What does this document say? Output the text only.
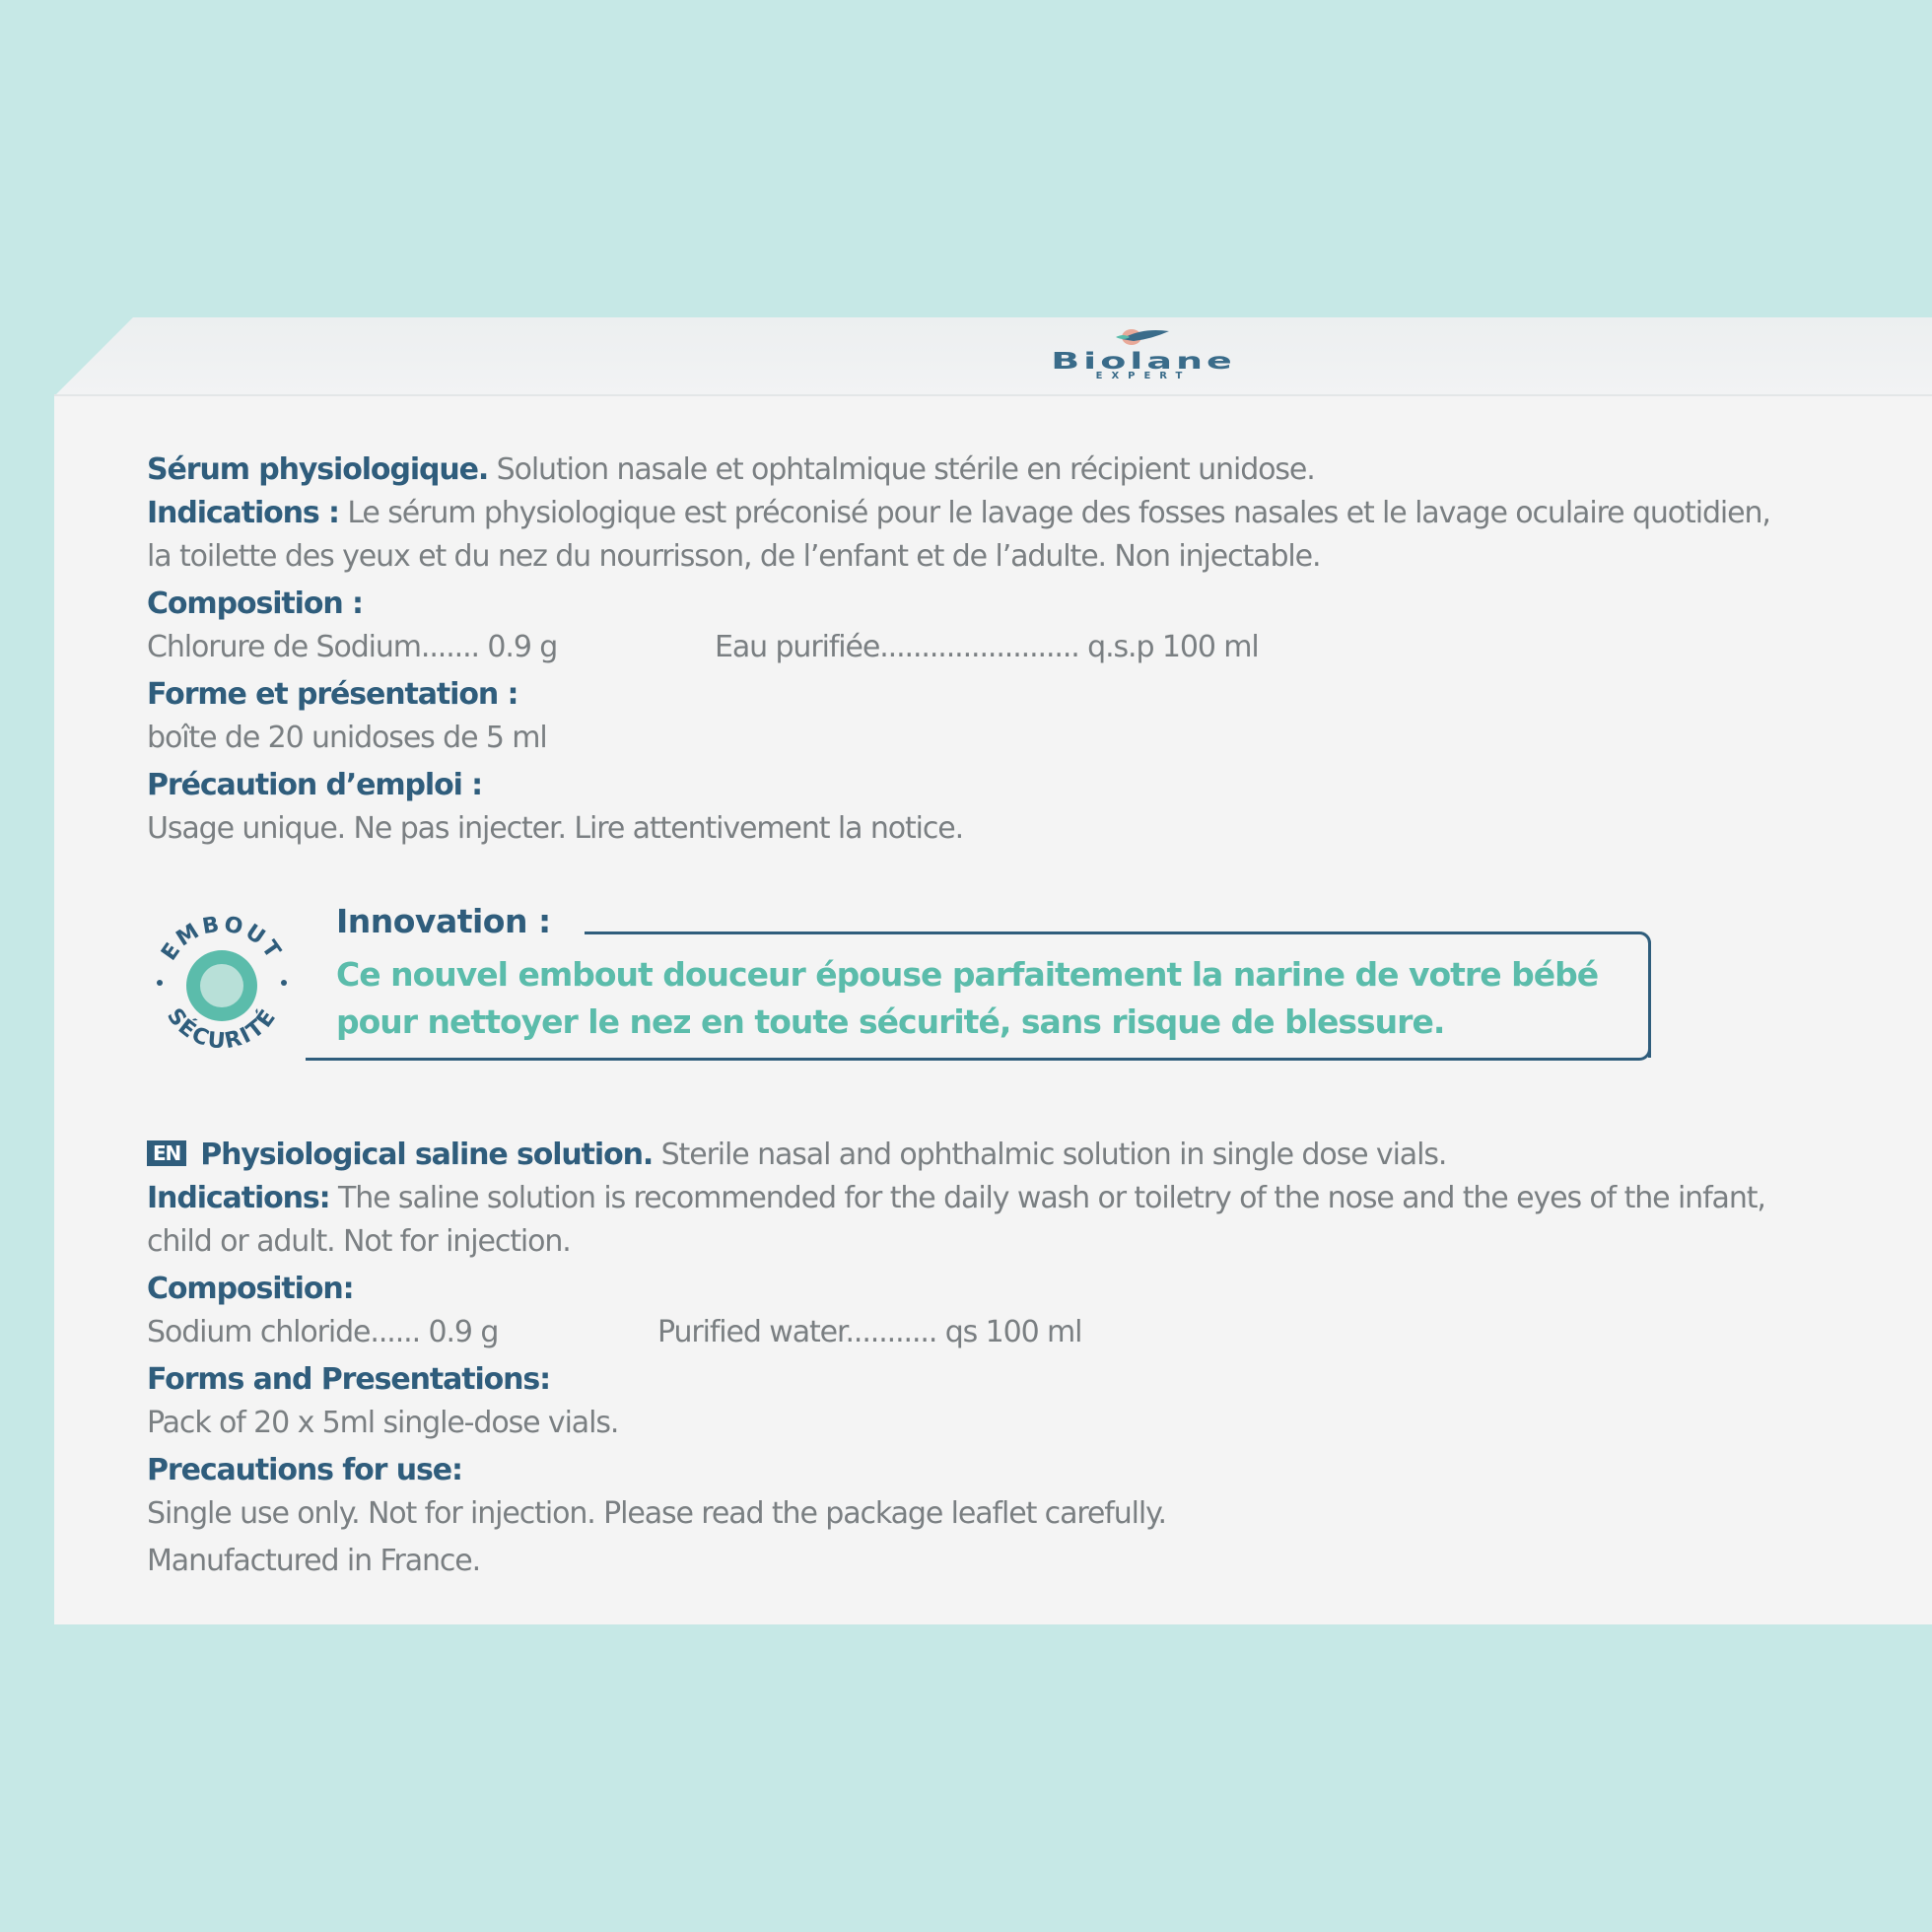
Biolane
EXPERT
Sérum physiologique. Solution nasale et ophtalmique stérile en récipient unidose.
Indications : Le sérum physiologique est préconisé pour le lavage des fosses nasales et le lavage oculaire quotidien,
la toilette des yeux et du nez du nourrisson, de l’enfant et de l’adulte. Non injectable.
Composition :
Chlorure de Sodium....... 0.9 g	Eau purifiée........................ q.s.p 100 ml
Forme et présentation :
boîte de 20 unidoses de 5 ml
Précaution d’emploi :
Usage unique. Ne pas injecter. Lire attentivement la notice.
EMBOUT
SÉCURITÉ
Innovation :
Ce nouvel embout douceur épouse parfaitement la narine de votre bébé
pour nettoyer le nez en toute sécurité, sans risque de blessure.
EN Physiological saline solution. Sterile nasal and ophthalmic solution in single dose vials.
Indications: The saline solution is recommended for the daily wash or toiletry of the nose and the eyes of the infant,
child or adult. Not for injection.
Composition:
Sodium chloride...... 0.9 g	Purified water........... qs 100 ml
Forms and Presentations:
Pack of 20 x 5ml single-dose vials.
Precautions for use:
Single use only. Not for injection. Please read the package leaflet carefully.
Manufactured in France.
